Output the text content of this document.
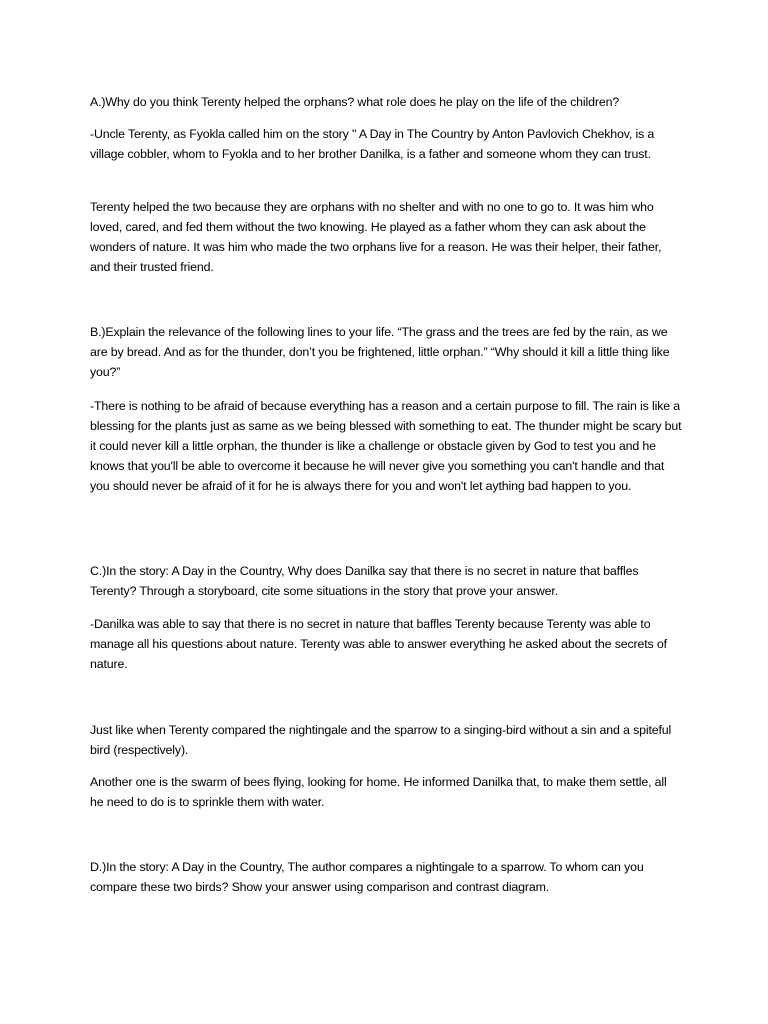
A.)Why do you think Terenty helped the orphans? what role does he play on the life of the children?

-Uncle Terenty, as Fyokla called him on the story " A Day in The Country by Anton Pavlovich Chekhov, is a village cobbler, whom to Fyokla and to her brother Danilka, is a father and someone whom they can trust.

Terenty helped the two because they are orphans with no shelter and with no one to go to. It was him who loved, cared, and fed them without the two knowing. He played as a father whom they can ask about the wonders of nature. It was him who made the two orphans live for a reason. He was their helper, their father, and their trusted friend.

B.)Explain the relevance of the following lines to your life. “The grass and the trees are fed by the rain, as we are by bread. And as for the thunder, don’t you be frightened, little orphan.” “Why should it kill a little thing like you?”

-There is nothing to be afraid of because everything has a reason and a certain purpose to fill. The rain is like a blessing for the plants just as same as we being blessed with something to eat. The thunder might be scary but it could never kill a little orphan, the thunder is like a challenge or obstacle given by God to test you and he knows that you'll be able to overcome it because he will never give you something you can't handle and that you should never be afraid of it for he is always there for you and won't let aything bad happen to you.

C.)In the story: A Day in the Country, Why does Danilka say that there is no secret in nature that baffles Terenty? Through a storyboard, cite some situations in the story that prove your answer.

-Danilka was able to say that there is no secret in nature that baffles Terenty because Terenty was able to manage all his questions about nature. Terenty was able to answer everything he asked about the secrets of nature.

Just like when Terenty compared the nightingale and the sparrow to a singing-bird without a sin and a spiteful bird (respectively).

Another one is the swarm of bees flying, looking for home. He informed Danilka that, to make them settle, all he need to do is to sprinkle them with water.

D.)In the story: A Day in the Country, The author compares a nightingale to a sparrow. To whom can you compare these two birds? Show your answer using comparison and contrast diagram.
